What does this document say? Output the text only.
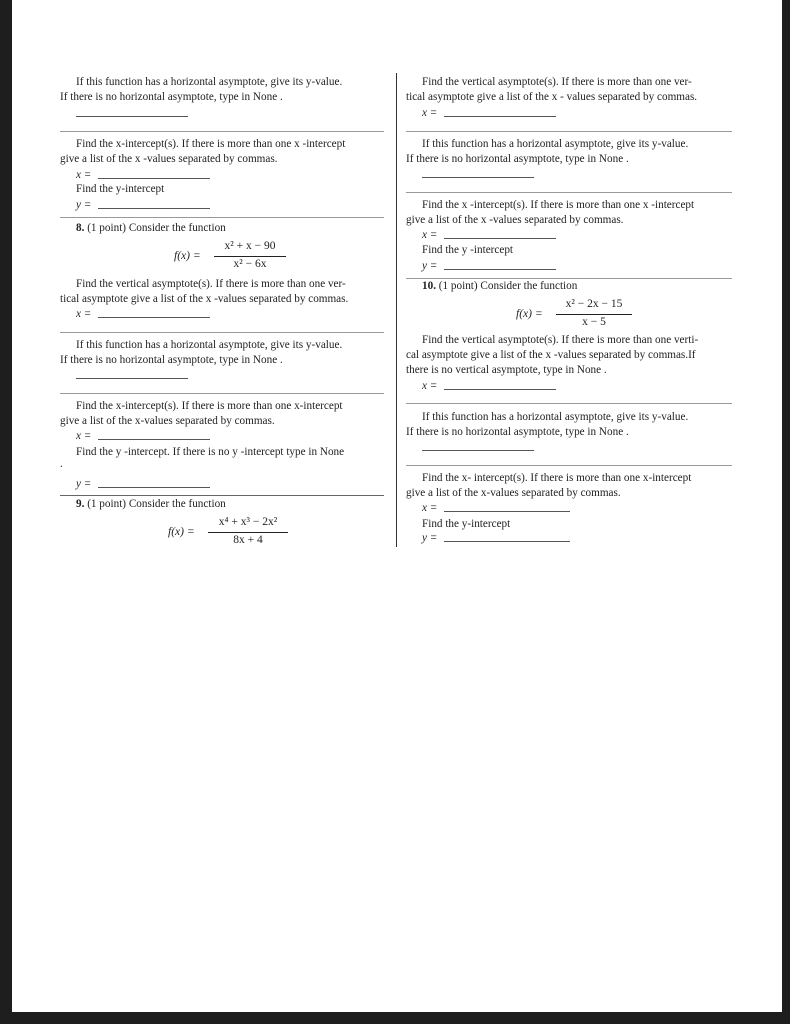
If this function has a horizontal asymptote, give its y-value.
If there is no horizontal asymptote, type in None .
Find the x-intercept(s). If there is more than one x -intercept
give a list of the x -values separated by commas.
x =
Find the y-intercept
y =
8. (1 point) Consider the function
f(x) =
x² + x − 90
x² − 6x
Find the vertical asymptote(s). If there is more than one ver-
tical asymptote give a list of the x -values separated by commas.
x =
If this function has a horizontal asymptote, give its y-value.
If there is no horizontal asymptote, type in None .
Find the x-intercept(s). If there is more than one x-intercept
give a list of the x-values separated by commas.
x =
Find the y -intercept. If there is no y -intercept type in None
.
y =
9. (1 point) Consider the function
f(x) =
x⁴ + x³ − 2x²
8x + 4
Find the vertical asymptote(s). If there is more than one ver-
tical asymptote give a list of the x - values separated by commas.
x =
If this function has a horizontal asymptote, give its y-value.
If there is no horizontal asymptote, type in None .
Find the x -intercept(s). If there is more than one x -intercept
give a list of the x -values separated by commas.
x =
Find the y -intercept
y =
10. (1 point) Consider the function
f(x) =
x² − 2x − 15
x − 5
Find the vertical asymptote(s). If there is more than one verti-
cal asymptote give a list of the x -values separated by commas.If
there is no vertical asymptote, type in None .
x =
If this function has a horizontal asymptote, give its y-value.
If there is no horizontal asymptote, type in None .
Find the x- intercept(s). If there is more than one x-intercept
give a list of the x-values separated by commas.
x =
Find the y-intercept
y =
